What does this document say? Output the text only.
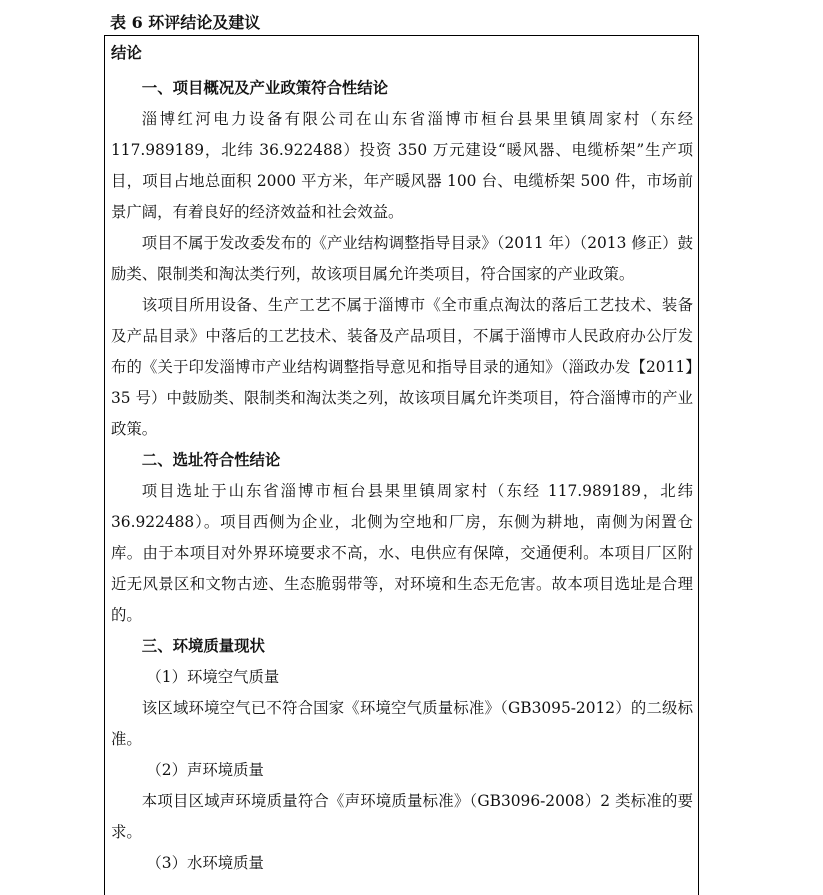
表 6 环评结论及建议

结论

一、项目概况及产业政策符合性结论

淄博红河电力设备有限公司在山东省淄博市桓台县果里镇周家村（东经 117.989189，北纬 36.922488）投资 350 万元建设“暖风器、电缆桥架”生产项目，项目占地总面积 2000 平方米，年产暖风器 100 台、电缆桥架 500 件，市场前景广阔，有着良好的经济效益和社会效益。

项目不属于发改委发布的《产业结构调整指导目录》（2011 年）（2013 修正）鼓励类、限制类和淘汰类行列，故该项目属允许类项目，符合国家的产业政策。

该项目所用设备、生产工艺不属于淄博市《全市重点淘汰的落后工艺技术、装备及产品目录》中落后的工艺技术、装备及产品项目，不属于淄博市人民政府办公厅发布的《关于印发淄博市产业结构调整指导意见和指导目录的通知》（淄政办发【2011】35 号）中鼓励类、限制类和淘汰类之列，故该项目属允许类项目，符合淄博市的产业政策。

二、选址符合性结论

项目选址于山东省淄博市桓台县果里镇周家村（东经 117.989189，北纬 36.922488）。项目西侧为企业，北侧为空地和厂房，东侧为耕地，南侧为闲置仓库。由于本项目对外界环境要求不高，水、电供应有保障，交通便利。本项目厂区附近无风景区和文物古迹、生态脆弱带等，对环境和生态无危害。故本项目选址是合理的。

三、环境质量现状

（1）环境空气质量

该区域环境空气已不符合国家《环境空气质量标准》（GB3095-2012）的二级标准。

（2）声环境质量

本项目区域声环境质量符合《声环境质量标准》（GB3096-2008）2 类标准的要求。

（3）水环境质量
